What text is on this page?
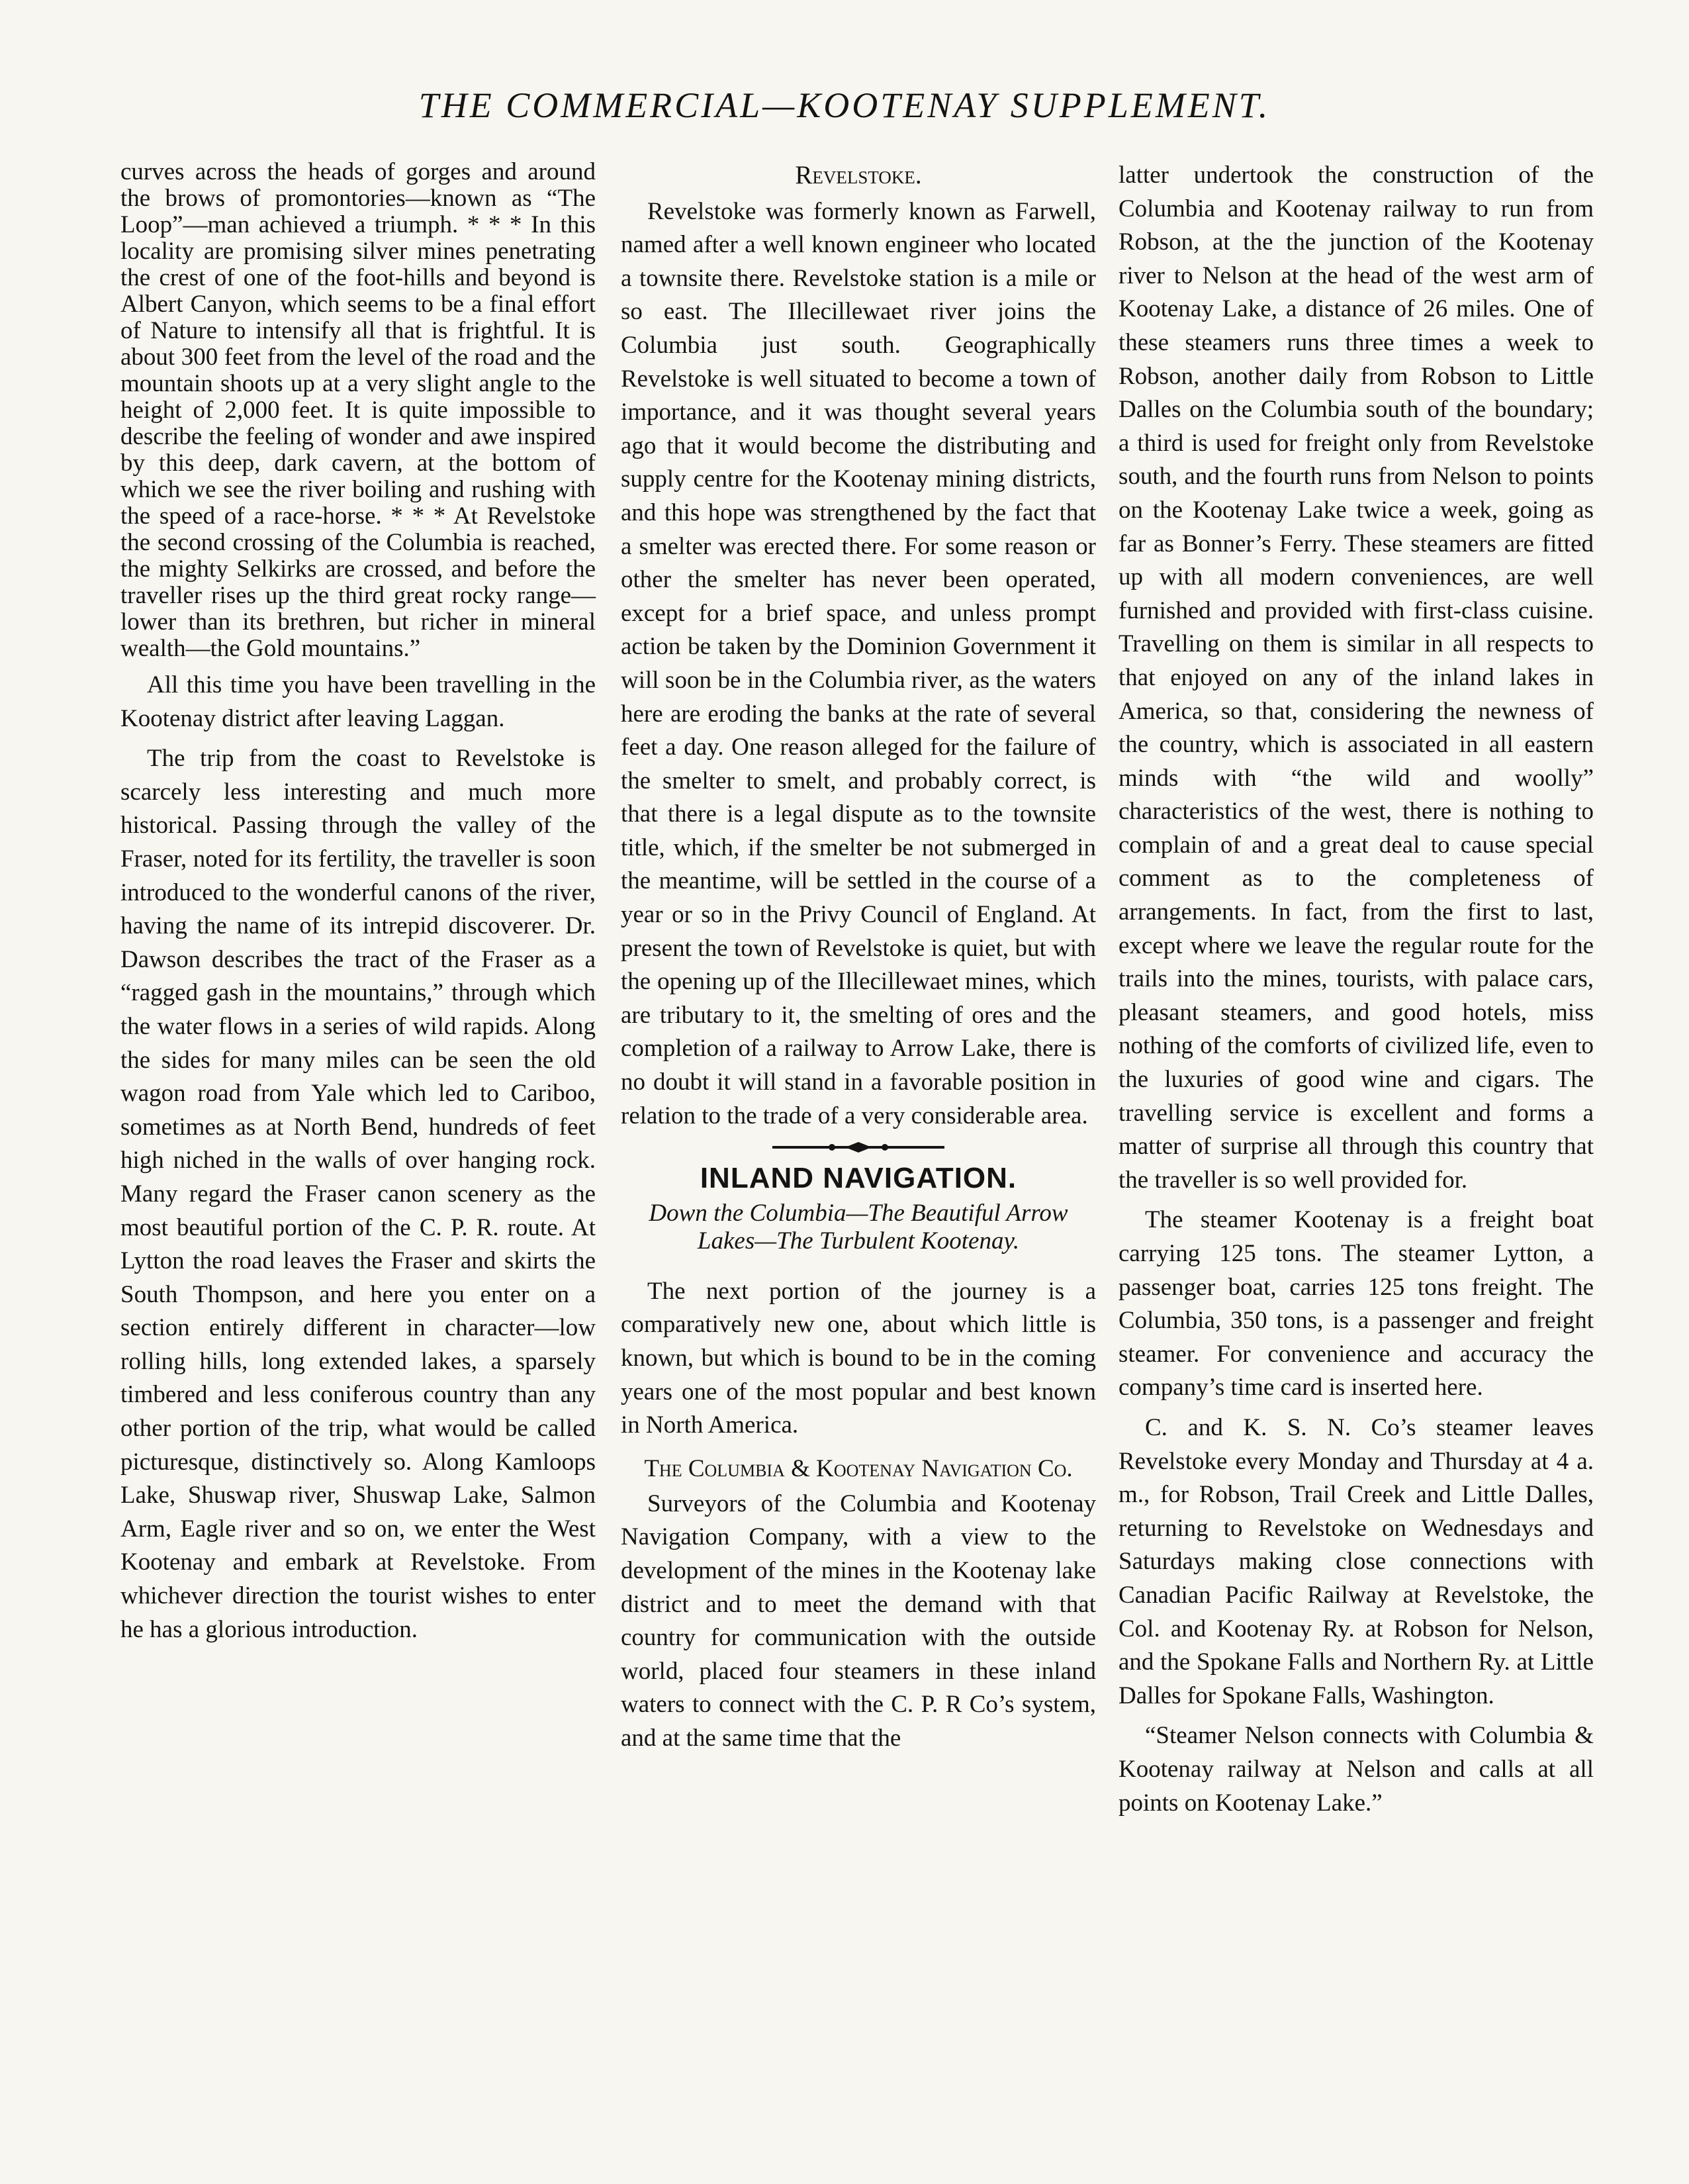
THE COMMERCIAL—KOOTENAY SUPPLEMENT.

curves across the heads of gorges and around the brows of promontories—known as “The Loop”—man achieved a triumph. * * * In this locality are promising silver mines penetrating the crest of one of the foot-hills and beyond is Albert Canyon, which seems to be a final effort of Nature to intensify all that is frightful. It is about 300 feet from the level of the road and the mountain shoots up at a very slight angle to the height of 2,000 feet. It is quite impossible to describe the feeling of wonder and awe inspired by this deep, dark cavern, at the bottom of which we see the river boiling and rushing with the speed of a race-horse. * * * At Revelstoke the second crossing of the Columbia is reached, the mighty Selkirks are crossed, and before the traveller rises up the third great rocky range—lower than its brethren, but richer in mineral wealth—the Gold mountains.”

All this time you have been travelling in the Kootenay district after leaving Laggan.

The trip from the coast to Revelstoke is scarcely less interesting and much more historical. Passing through the valley of the Fraser, noted for its fertility, the traveller is soon introduced to the wonderful canons of the river, having the name of its intrepid discoverer. Dr. Dawson describes the tract of the Fraser as a “ragged gash in the mountains,” through which the water flows in a series of wild rapids. Along the sides for many miles can be seen the old wagon road from Yale which led to Cariboo, sometimes as at North Bend, hundreds of feet high niched in the walls of over hanging rock. Many regard the Fraser canon scenery as the most beautiful portion of the C. P. R. route. At Lytton the road leaves the Fraser and skirts the South Thompson, and here you enter on a section entirely different in character—low rolling hills, long extended lakes, a sparsely timbered and less coniferous country than any other portion of the trip, what would be called picturesque, distinctively so. Along Kamloops Lake, Shuswap river, Shuswap Lake, Salmon Arm, Eagle river and so on, we enter the West Kootenay and embark at Revelstoke. From whichever direction the tourist wishes to enter he has a glorious introduction.

Revelstoke.

Revelstoke was formerly known as Farwell, named after a well known engineer who located a townsite there. Revelstoke station is a mile or so east. The Illecillewaet river joins the Columbia just south. Geographically Revelstoke is well situated to become a town of importance, and it was thought several years ago that it would become the distributing and supply centre for the Kootenay mining districts, and this hope was strengthened by the fact that a smelter was erected there. For some reason or other the smelter has never been operated, except for a brief space, and unless prompt action be taken by the Dominion Government it will soon be in the Columbia river, as the waters here are eroding the banks at the rate of several feet a day. One reason alleged for the failure of the smelter to smelt, and probably correct, is that there is a legal dispute as to the townsite title, which, if the smelter be not submerged in the meantime, will be settled in the course of a year or so in the Privy Council of England. At present the town of Revelstoke is quiet, but with the opening up of the Illecillewaet mines, which are tributary to it, the smelting of ores and the completion of a railway to Arrow Lake, there is no doubt it will stand in a favorable position in relation to the trade of a very considerable area.

INLAND NAVIGATION.
Down the Columbia—The Beautiful Arrow Lakes—The Turbulent Kootenay.

The next portion of the journey is a comparatively new one, about which little is known, but which is bound to be in the coming years one of the most popular and best known in North America.

The Columbia & Kootenay Navigation Co.

Surveyors of the Columbia and Kootenay Navigation Company, with a view to the development of the mines in the Kootenay lake district and to meet the demand with that country for communication with the outside world, placed four steamers in these inland waters to connect with the C. P. R Co’s system, and at the same time that the

latter undertook the construction of the Columbia and Kootenay railway to run from Robson, at the the junction of the Kootenay river to Nelson at the head of the west arm of Kootenay Lake, a distance of 26 miles. One of these steamers runs three times a week to Robson, another daily from Robson to Little Dalles on the Columbia south of the boundary; a third is used for freight only from Revelstoke south, and the fourth runs from Nelson to points on the Kootenay Lake twice a week, going as far as Bonner’s Ferry. These steamers are fitted up with all modern conveniences, are well furnished and provided with first-class cuisine. Travelling on them is similar in all respects to that enjoyed on any of the inland lakes in America, so that, considering the newness of the country, which is associated in all eastern minds with “the wild and woolly” characteristics of the west, there is nothing to complain of and a great deal to cause special comment as to the completeness of arrangements. In fact, from the first to last, except where we leave the regular route for the trails into the mines, tourists, with palace cars, pleasant steamers, and good hotels, miss nothing of the comforts of civilized life, even to the luxuries of good wine and cigars. The travelling service is excellent and forms a matter of surprise all through this country that the traveller is so well provided for.

The steamer Kootenay is a freight boat carrying 125 tons. The steamer Lytton, a passenger boat, carries 125 tons freight. The Columbia, 350 tons, is a passenger and freight steamer. For convenience and accuracy the company’s time card is inserted here.

C. and K. S. N. Co’s steamer leaves Revelstoke every Monday and Thursday at 4 a. m., for Robson, Trail Creek and Little Dalles, returning to Revelstoke on Wednesdays and Saturdays making close connections with Canadian Pacific Railway at Revelstoke, the Col. and Kootenay Ry. at Robson for Nelson, and the Spokane Falls and Northern Ry. at Little Dalles for Spokane Falls, Washington.

“Steamer Nelson connects with Columbia & Kootenay railway at Nelson and calls at all points on Kootenay Lake.”
